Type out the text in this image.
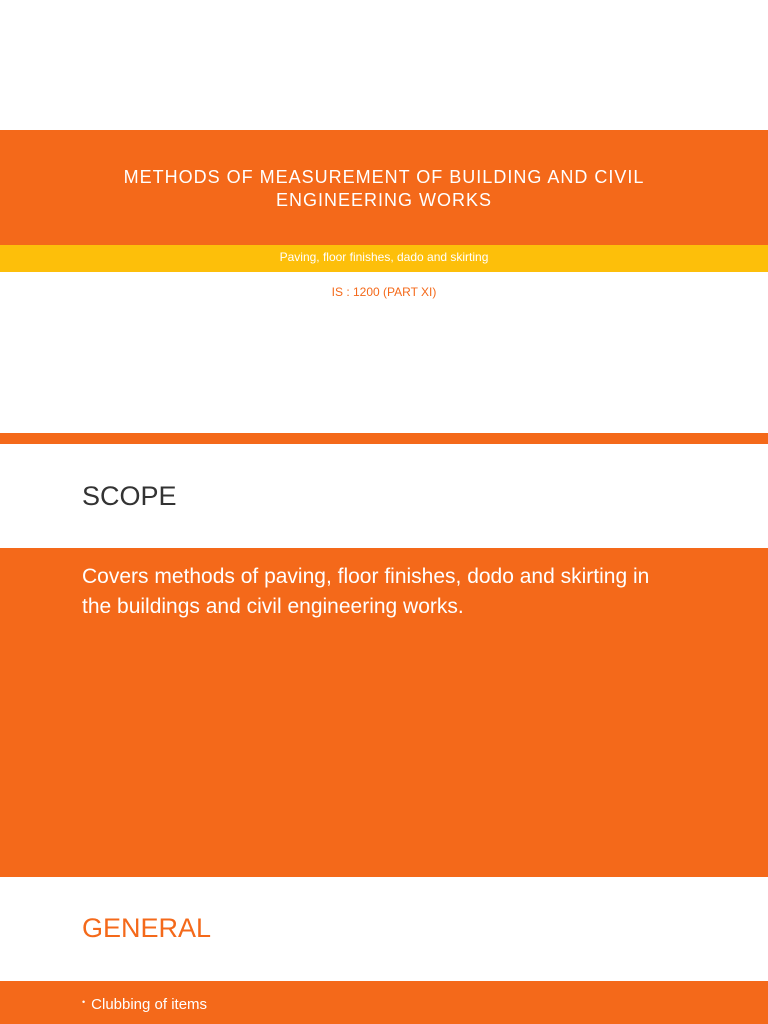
METHODS OF MEASUREMENT OF BUILDING AND CIVIL ENGINEERING WORKS
Paving, floor finishes, dado and skirting
IS : 1200 (PART XI)
SCOPE
Covers methods of paving, floor finishes, dodo and skirting in the buildings and civil engineering works.
GENERAL
• Clubbing of items
